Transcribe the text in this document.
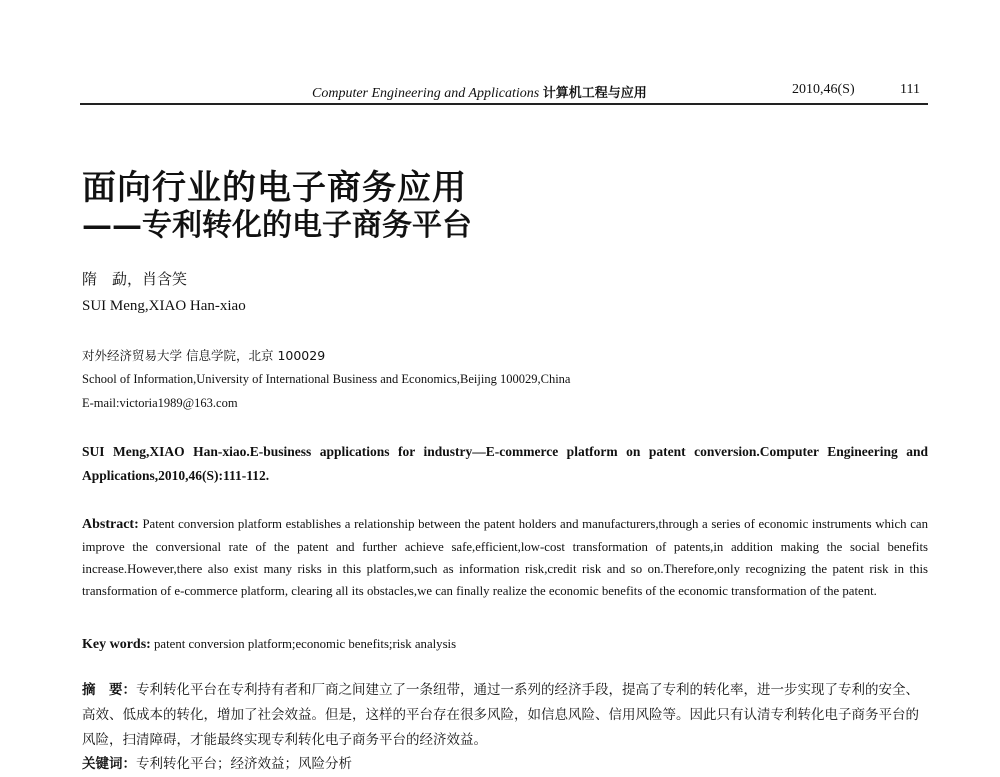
Computer Engineering and Applications 计算机工程与应用	2010,46(S)	111
面向行业的电子商务应用
——专利转化的电子商务平台
隋　勐，肖含笑
SUI Meng,XIAO Han-xiao
对外经济贸易大学 信息学院，北京 100029
School of Information,University of International Business and Economics,Beijing 100029,China
E-mail:victoria1989@163.com
SUI Meng,XIAO Han-xiao.E-business applications for industry—E-commerce platform on patent conversion.Computer Engineering and Applications,2010,46(S):111-112.
Abstract: Patent conversion platform establishes a relationship between the patent holders and manufacturers,through a series of economic instruments which can improve the conversional rate of the patent and further achieve safe,efficient,low-cost transformation of patents,in addition making the social benefits increase.However,there also exist many risks in this platform,such as information risk,credit risk and so on.Therefore,only recognizing the patent risk in this transformation of e-commerce platform, clearing all its obstacles,we can finally realize the economic benefits of the economic transformation of the patent.
Key words: patent conversion platform;economic benefits;risk analysis
摘　要：专利转化平台在专利持有者和厂商之间建立了一条纽带，通过一系列的经济手段，提高了专利的转化率，进一步实现了专利的安全、高效、低成本的转化，增加了社会效益。但是，这样的平台存在很多风险，如信息风险、信用风险等。因此只有认清专利转化电子商务平台的风险，扫清障碍，才能最终实现专利转化电子商务平台的经济效益。
关键词：专利转化平台；经济效益；风险分析
